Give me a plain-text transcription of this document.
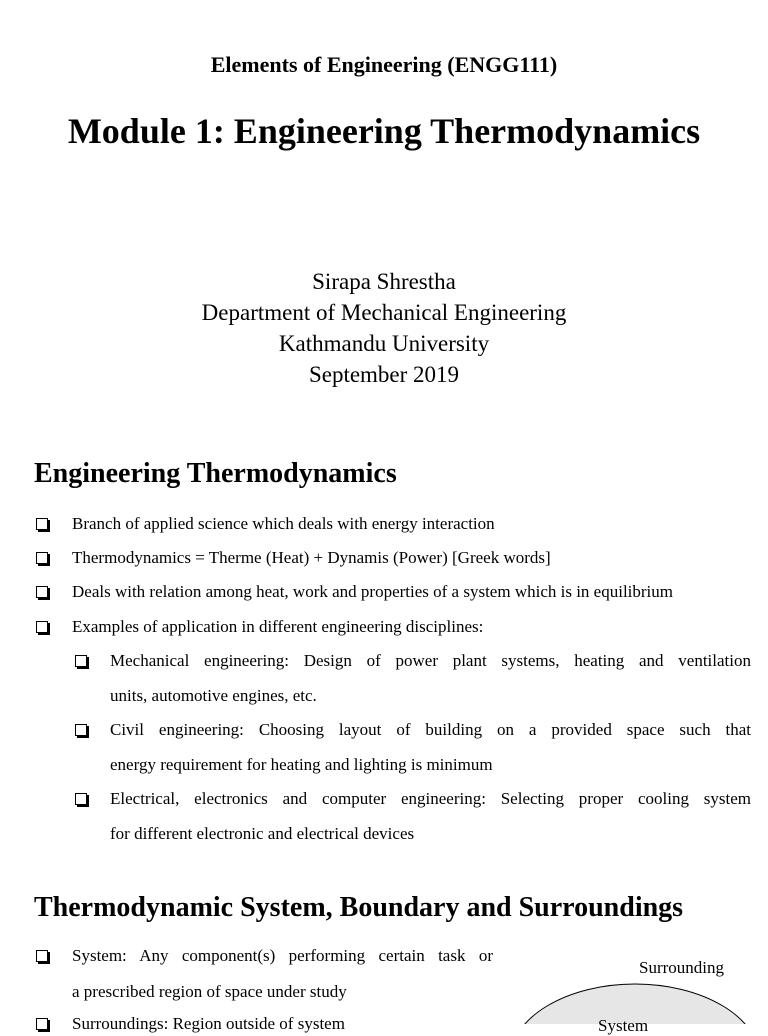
Elements of Engineering (ENGG111)
Module 1: Engineering Thermodynamics
Sirapa Shrestha
Department of Mechanical Engineering
Kathmandu University
September 2019
Engineering Thermodynamics
Branch of applied science which deals with energy interaction
Thermodynamics = Therme (Heat) + Dynamis (Power) [Greek words]
Deals with relation among heat, work and properties of a system which is in equilibrium
Examples of application in different engineering disciplines:
Mechanical engineering: Design of power plant systems, heating and ventilation
units, automotive engines, etc.
Civil engineering: Choosing layout of building on a provided space such that
energy requirement for heating and lighting is minimum
Electrical, electronics and computer engineering: Selecting proper cooling system
for different electronic and electrical devices
Thermodynamic System, Boundary and Surroundings
System: Any component(s) performing certain task or
a prescribed region of space under study
Surroundings: Region outside of system
Surrounding
System
